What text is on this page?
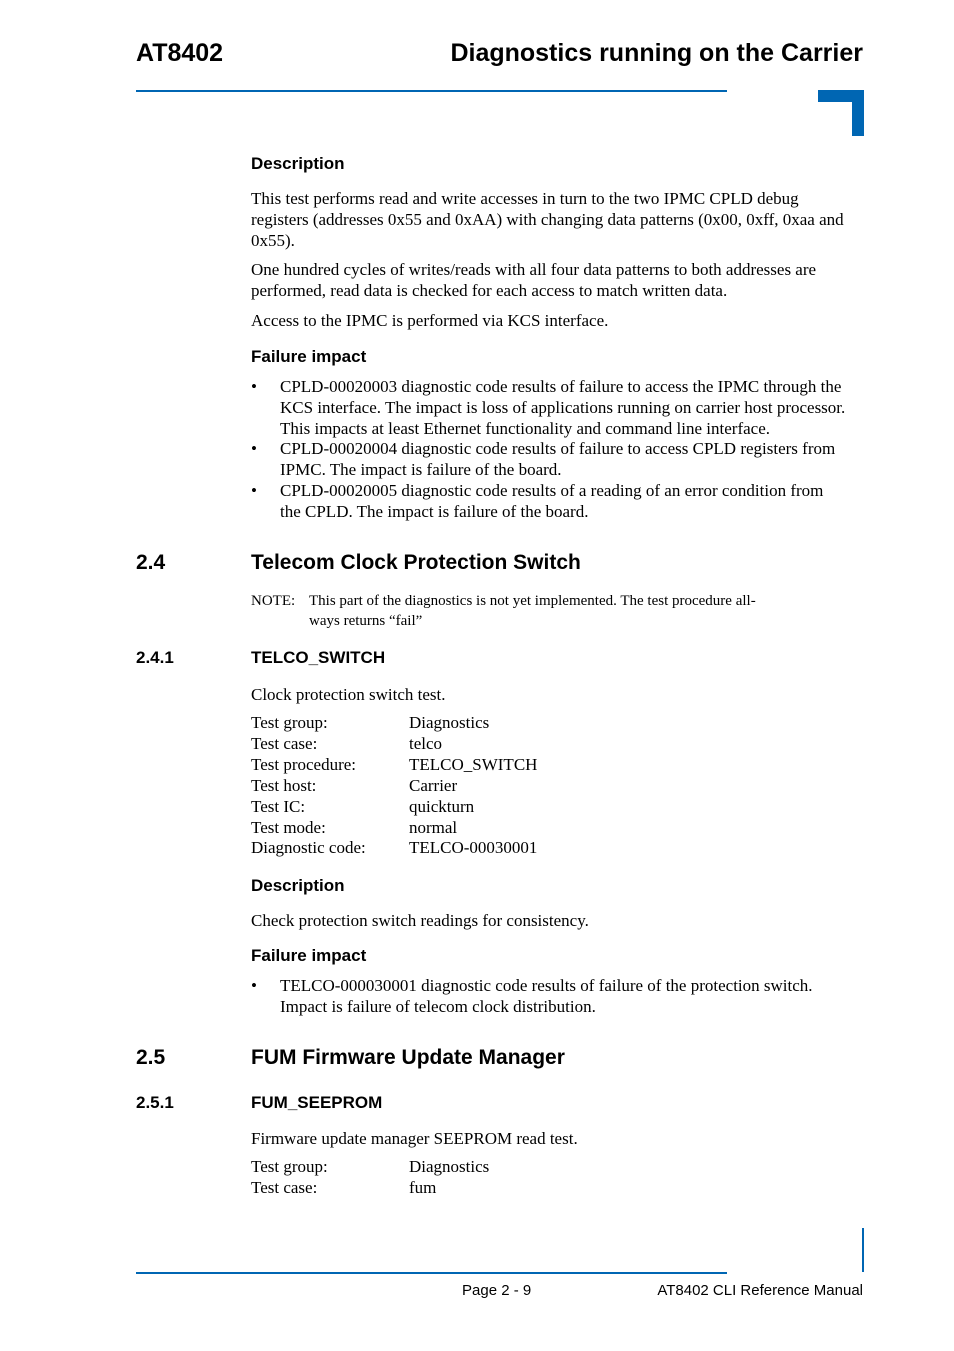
AT8402	Diagnostics running on the Carrier
Description
This test performs read and write accesses in turn to the two IPMC CPLD debug
registers (addresses 0x55 and 0xAA) with changing data patterns (0x00, 0xff, 0xaa and
0x55).
One hundred cycles of writes/reads with all four data patterns to both addresses are
performed, read data is checked for each access to match written data.
Access to the IPMC is performed via KCS interface.
Failure impact
• CPLD-00020003 diagnostic code results of failure to access the IPMC through the
KCS interface. The impact is loss of applications running on carrier host processor.
This impacts at least Ethernet functionality and command line interface.
• CPLD-00020004 diagnostic code results of failure to access CPLD registers from
IPMC. The impact is failure of the board.
• CPLD-00020005 diagnostic code results of a reading of an error condition from
the CPLD. The impact is failure of the board.
2.4	Telecom Clock Protection Switch
NOTE: This part of the diagnostics is not yet implemented. The test procedure all-
ways returns “fail”
2.4.1	TELCO_SWITCH
Clock protection switch test.
Test group:	Diagnostics
Test case:	telco
Test procedure:	TELCO_SWITCH
Test host:	Carrier
Test IC:	quickturn
Test mode:	normal
Diagnostic code:	TELCO-00030001
Description
Check protection switch readings for consistency.
Failure impact
• TELCO-000030001 diagnostic code results of failure of the protection switch.
Impact is failure of telecom clock distribution.
2.5	FUM Firmware Update Manager
2.5.1	FUM_SEEPROM
Firmware update manager SEEPROM read test.
Test group:	Diagnostics
Test case:	fum
Page 2 - 9	AT8402 CLI Reference Manual
